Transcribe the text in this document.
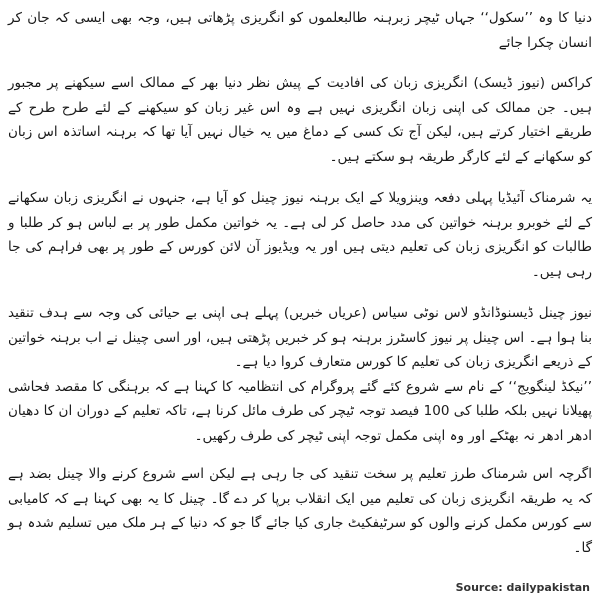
دنیا کا وہ ’’سکول‘‘ جہاں ٹیچر زبرہنہ طالبعلموں کو انگریزی پڑھاتی ہیں، وجہ بھی ایسی کہ جان کر انسان چکرا جائے

کراکس (نیوز ڈیسک) انگریزی زبان کی افادیت کے پیش نظر دنیا بھر کے ممالک اسے سیکھنے پر مجبور ہیں۔ جن ممالک کی اپنی زبان انگریزی نہیں ہے وہ اس غیر زبان کو سیکھنے کے لئے طرح طرح کے طریقے اختیار کرتے ہیں، لیکن آج تک کسی کے دماغ میں یہ خیال نہیں آیا تھا کہ برہنہ اساتذہ اس زبان کو سکھانے کے لئے کارگر طریقہ ہو سکتے ہیں۔

یہ شرمناک آئیڈیا پہلی دفعہ وینزویلا کے ایک برہنہ نیوز چینل کو آیا ہے، جنہوں نے انگریزی زبان سکھانے کے لئے خوبرو برہنہ خواتین کی مدد حاصل کر لی ہے۔ یہ خواتین مکمل طور پر بے لباس ہو کر طلبا و طالبات کو انگریزی زبان کی تعلیم دیتی ہیں اور یہ ویڈیوز آن لائن کورس کے طور پر بھی فراہم کی جا رہی ہیں۔

نیوز چینل ڈیسنوڈانڈو لاس نوٹی سیاس (عریاں خبریں) پہلے ہی اپنی بے حیائی کی وجہ سے ہدف تنقید بنا ہوا ہے۔ اس چینل پر نیوز کاسٹرز برہنہ ہو کر خبریں پڑھتی ہیں، اور اسی چینل نے اب برہنہ خواتین کے ذریعے انگریزی زبان کی تعلیم کا کورس متعارف کروا دیا ہے۔

’’نیکڈ لینگویج‘‘ کے نام سے شروع کئے گئے پروگرام کی انتظامیہ کا کہنا ہے کہ برہنگی کا مقصد فحاشی پھیلانا نہیں بلکہ طلبا کی 100 فیصد توجہ ٹیچر کی طرف مائل کرنا ہے، تاکہ تعلیم کے دوران ان کا دھیان ادھر ادھر نہ بھٹکے اور وہ اپنی مکمل توجہ اپنی ٹیچر کی طرف رکھیں۔

اگرچہ اس شرمناک طرز تعلیم پر سخت تنقید کی جا رہی ہے لیکن اسے شروع کرنے والا چینل بضد ہے کہ یہ طریقہ انگریزی زبان کی تعلیم میں ایک انقلاب برپا کر دے گا۔ چینل کا یہ بھی کہنا ہے کہ کامیابی سے کورس مکمل کرنے والوں کو سرٹیفکیٹ جاری کیا جائے گا جو کہ دنیا کے ہر ملک میں تسلیم شدہ ہو گا۔

Source: dailypakistan
